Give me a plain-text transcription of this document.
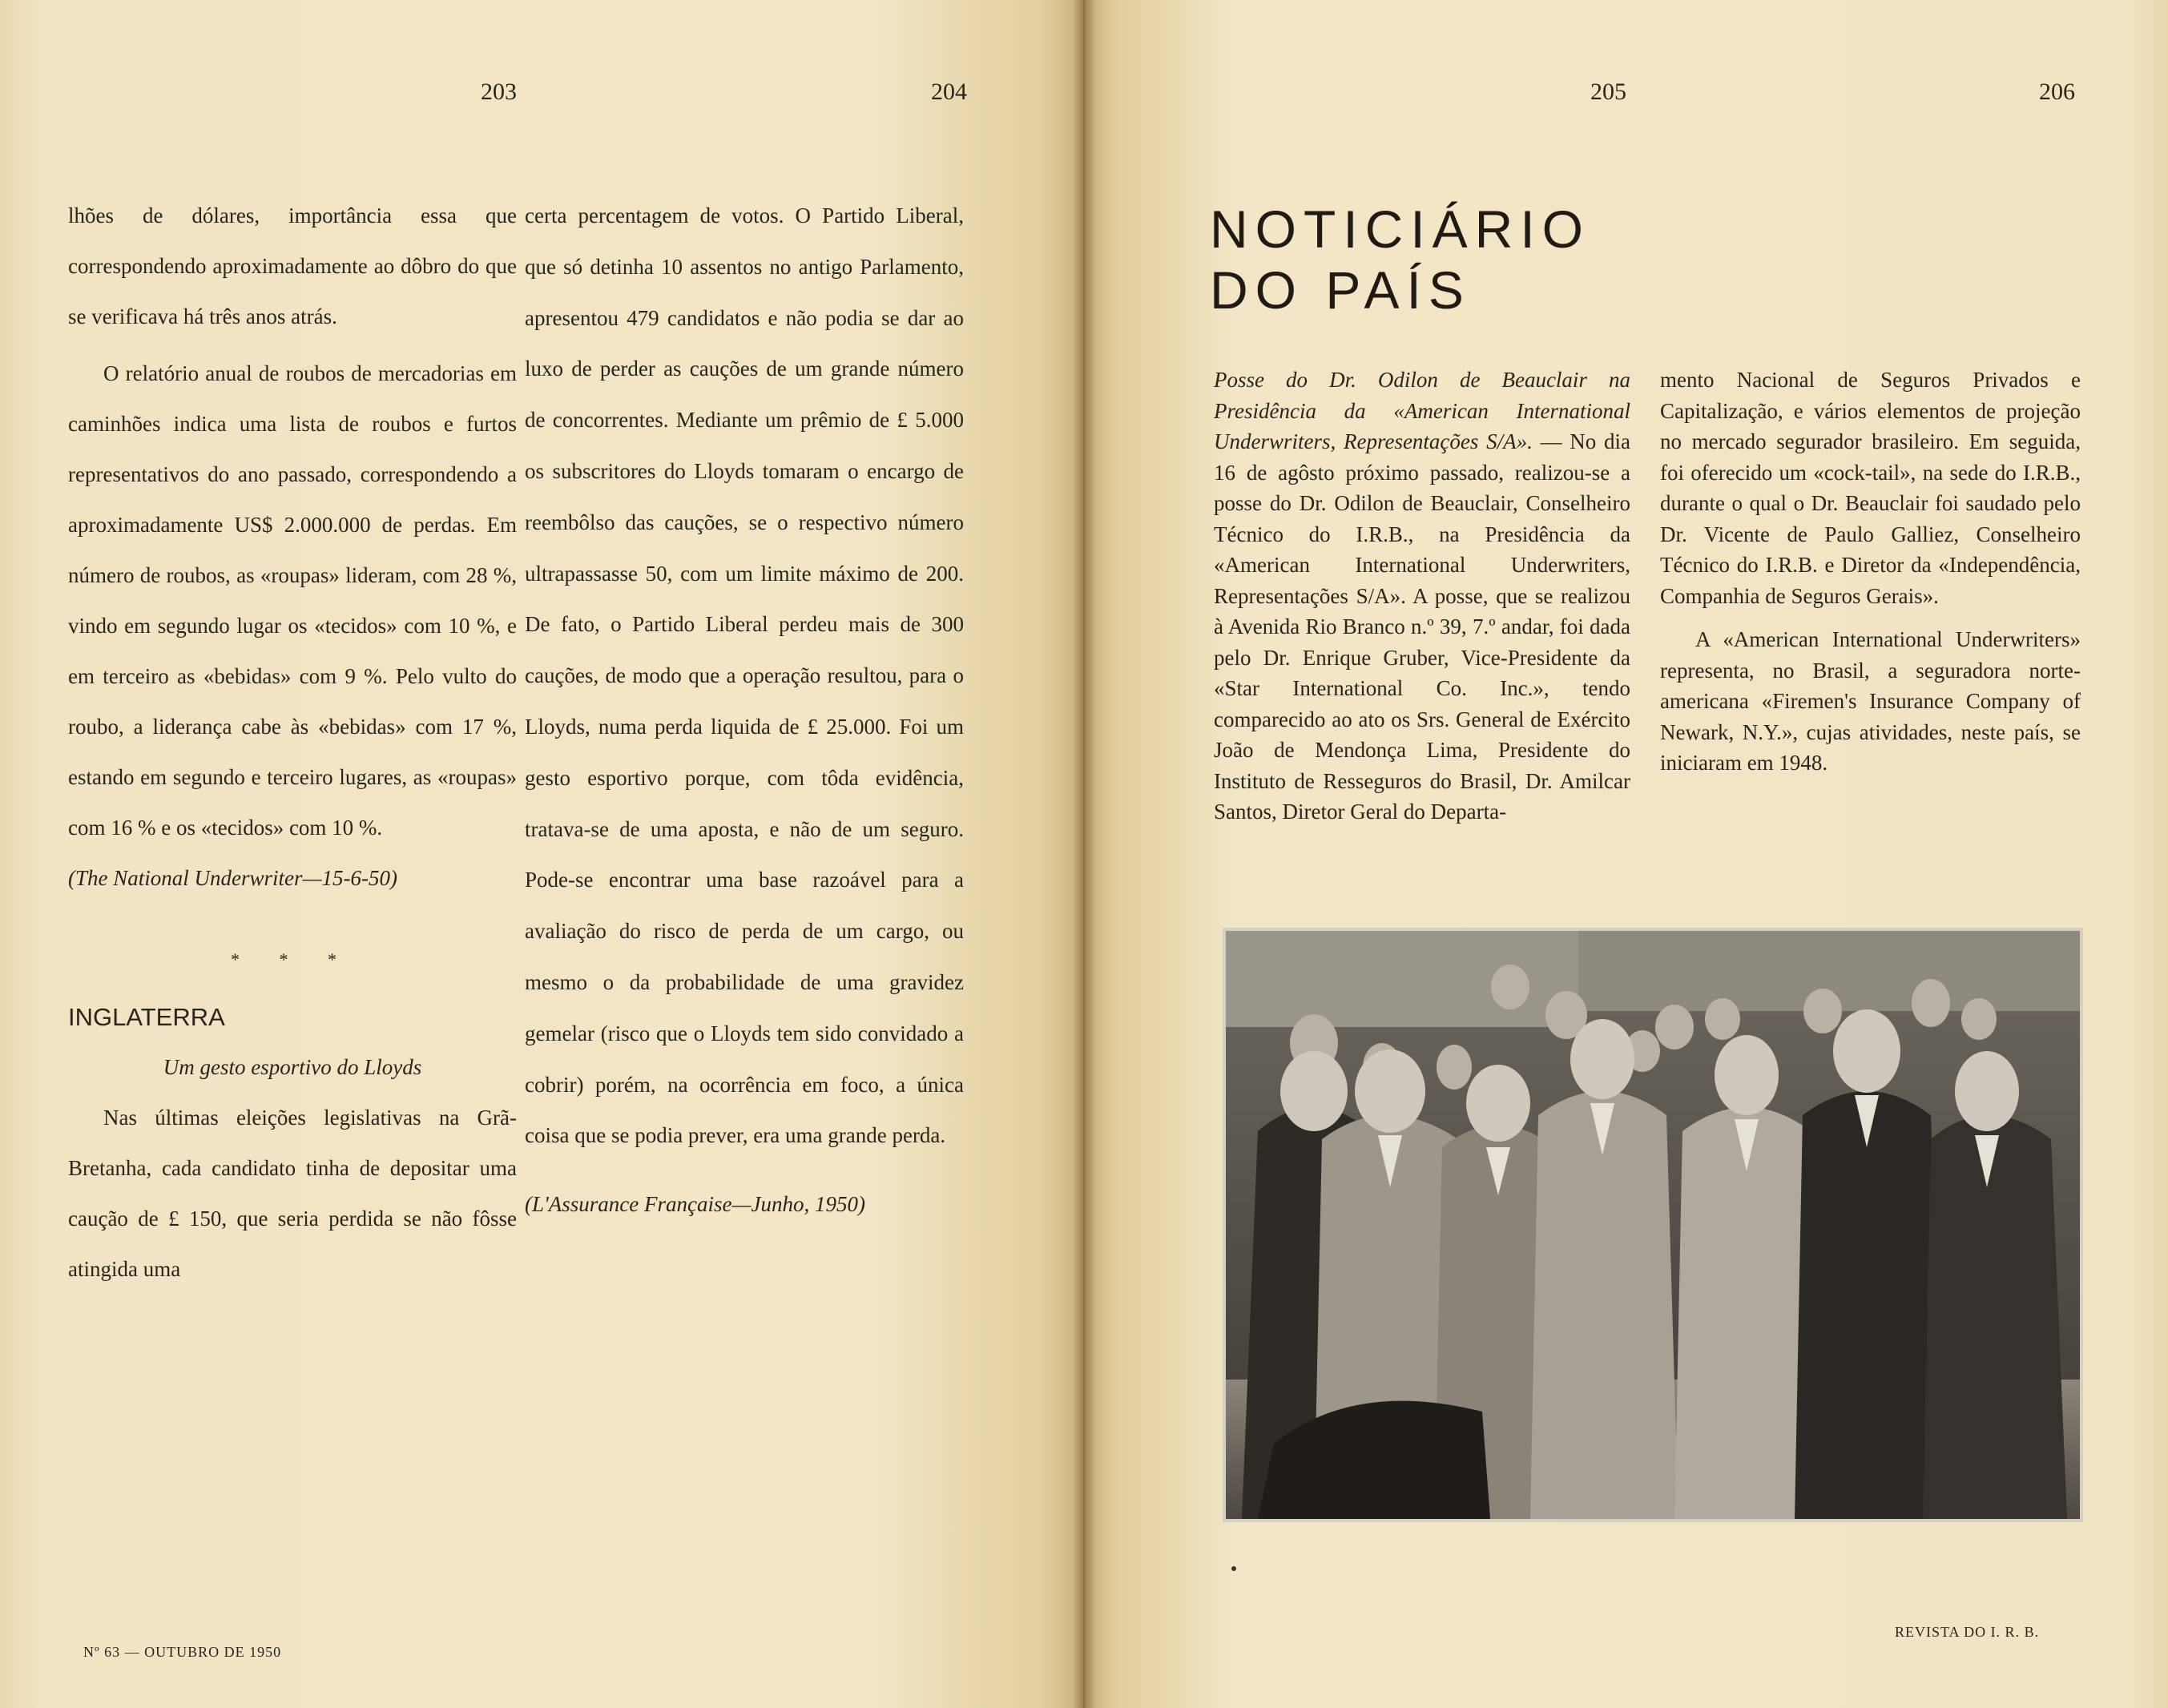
203	204	205	206

lhões de dólares, importância essa que correspondendo aproximadamente ao dôbro do que se verificava há três anos atrás.

O relatório anual de roubos de mercadorias em caminhões indica uma lista de roubos e furtos representativos do ano passado, correspondendo a aproximadamente US$ 2.000.000 de perdas. Em número de roubos, as «roupas» lideram, com 28 %, vindo em segundo lugar os «tecidos» com 10 %, e em terceiro as «bebidas» com 9 %. Pelo vulto do roubo, a liderança cabe às «bebidas» com 17 %, estando em segundo e terceiro lugares, as «roupas» com 16 % e os «tecidos» com 10 %.

(The National Underwriter—15-6-50)

* * *

INGLATERRA

Um gesto esportivo do Lloyds

Nas últimas eleições legislativas na Grã-Bretanha, cada candidato tinha de depositar uma caução de £ 150, que seria perdida se não fôsse atingida uma

certa percentagem de votos. O Partido Liberal, que só detinha 10 assentos no antigo Parlamento, apresentou 479 candidatos e não podia se dar ao luxo de perder as cauções de um grande número de concorrentes. Mediante um prêmio de £ 5.000 os subscritores do Lloyds tomaram o encargo de reembôlso das cauções, se o respectivo número ultrapassasse 50, com um limite máximo de 200. De fato, o Partido Liberal perdeu mais de 300 cauções, de modo que a operação resultou, para o Lloyds, numa perda liquida de £ 25.000. Foi um gesto esportivo porque, com tôda evidência, tratava-se de uma aposta, e não de um seguro. Pode-se encontrar uma base razoável para a avaliação do risco de perda de um cargo, ou mesmo o da probabilidade de uma gravidez gemelar (risco que o Lloyds tem sido convidado a cobrir) porém, na ocorrência em foco, a única coisa que se podia prever, era uma grande perda.

(L'Assurance Française—Junho, 1950)

NOTICIÁRIO
DO PAÍS

Posse do Dr. Odilon de Beauclair na Presidência da «American International Underwriters, Representações S/A». — No dia 16 de agôsto próximo passado, realizou-se a posse do Dr. Odilon de Beauclair, Conselheiro Técnico do I.R.B., na Presidência da «American International Underwriters, Representações S/A». A posse, que se realizou à Avenida Rio Branco n.º 39, 7.º andar, foi dada pelo Dr. Enrique Gruber, Vice-Presidente da «Star International Co. Inc.», tendo comparecido ao ato os Srs. General de Exército João de Mendonça Lima, Presidente do Instituto de Resseguros do Brasil, Dr. Amilcar Santos, Diretor Geral do Departa-

mento Nacional de Seguros Privados e Capitalização, e vários elementos de projeção no mercado segurador brasileiro. Em seguida, foi oferecido um «cock-tail», na sede do I.R.B., durante o qual o Dr. Beauclair foi saudado pelo Dr. Vicente de Paulo Galliez, Conselheiro Técnico do I.R.B. e Diretor da «Independência, Companhia de Seguros Gerais».

A «American International Underwriters» representa, no Brasil, a seguradora norte-americana «Firemen's Insurance Company of Newark, N.Y.», cujas atividades, neste país, se iniciaram em 1948.

Nº 63 — OUTUBRO DE 1950
REVISTA DO I. R. B.
